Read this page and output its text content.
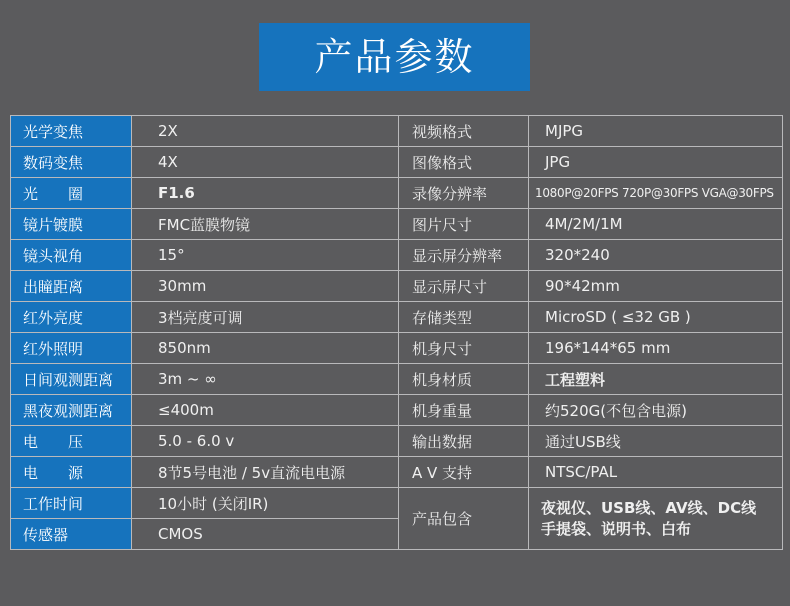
产品参数
光学变焦	2X	视频格式	MJPG
数码变焦	4X	图像格式	JPG
光　　圈	F1.6	录像分辨率	1080P@20FPS 720P@30FPS VGA@30FPS
镜片镀膜	FMC蓝膜物镜	图片尺寸	4M/2M/1M
镜头视角	15°	显示屏分辨率	320*240
出瞳距离	30mm	显示屏尺寸	90*42mm
红外亮度	3档亮度可调	存储类型	MicroSD ( ≤32 GB )
红外照明	850nm	机身尺寸	196*144*65 mm
日间观测距离	3m ~ ∞	机身材质	工程塑料
黑夜观测距离	≤400m	机身重量	约520G(不包含电源)
电　　压	5.0 - 6.0 v	输出数据	通过USB线
电　　源	8节5号电池 / 5v直流电电源	A V 支持	NTSC/PAL
工作时间	10小时 (关闭IR)	产品包含	夜视仪、USB线、AV线、DC线
手提袋、说明书、白布

传感器	CMOS		
